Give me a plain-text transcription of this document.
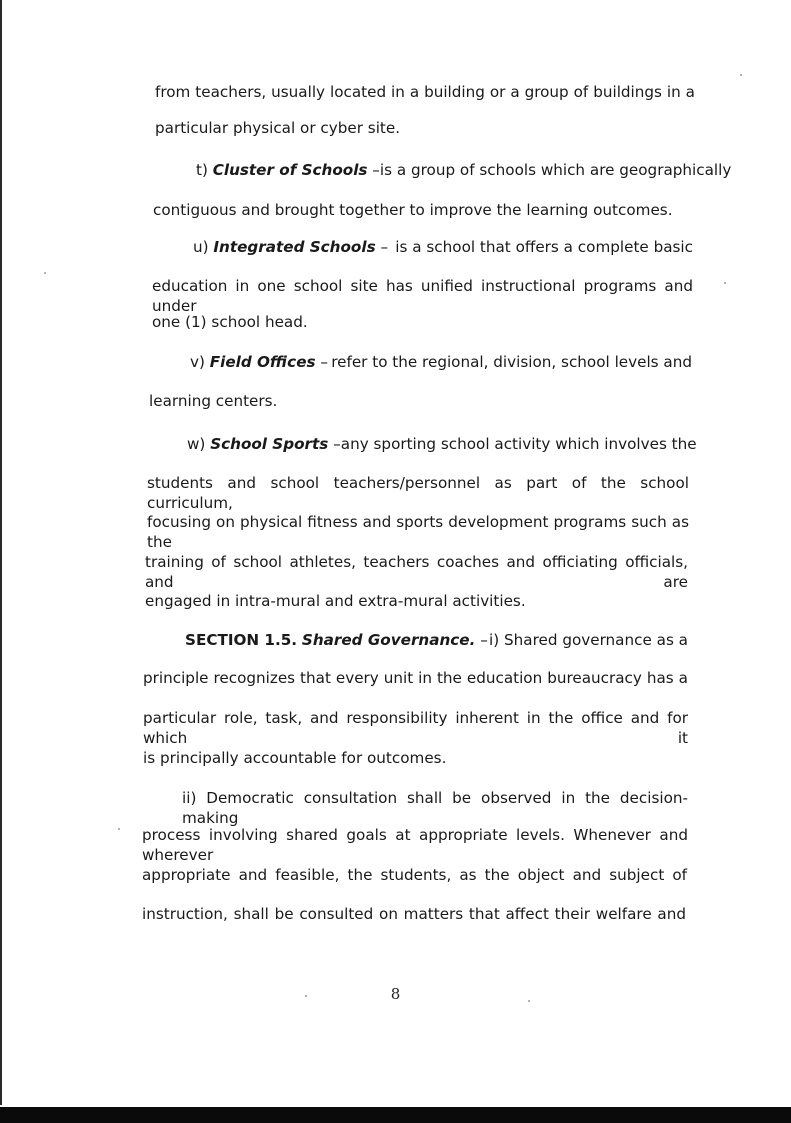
from teachers, usually located in a building or a group of buildings in a
particular physical or cyber site.
t) Cluster of Schools – is a group of schools which are geographically
contiguous and brought together to improve the learning outcomes.
u) Integrated Schools – is a school that offers a complete basic
education in one school site has unified instructional programs and under
one (1) school head.
v) Field Offices – refer to the regional, division, school levels and
learning centers.
w) School Sports – any sporting school activity which involves the
students and school teachers/personnel as part of the school curriculum,
focusing on physical fitness and sports development programs such as the
training of school athletes, teachers coaches and officiating officials, and are
engaged in intra-mural and extra-mural activities.
SECTION 1.5. Shared Governance. – i) Shared governance as a
principle recognizes that every unit in the education bureaucracy has a
particular role, task, and responsibility inherent in the office and for which it
is principally accountable for outcomes.
ii) Democratic consultation shall be observed in the decision-making
process involving shared goals at appropriate levels. Whenever and wherever
appropriate and feasible, the students, as the object and subject of
instruction, shall be consulted on matters that affect their welfare and
8
